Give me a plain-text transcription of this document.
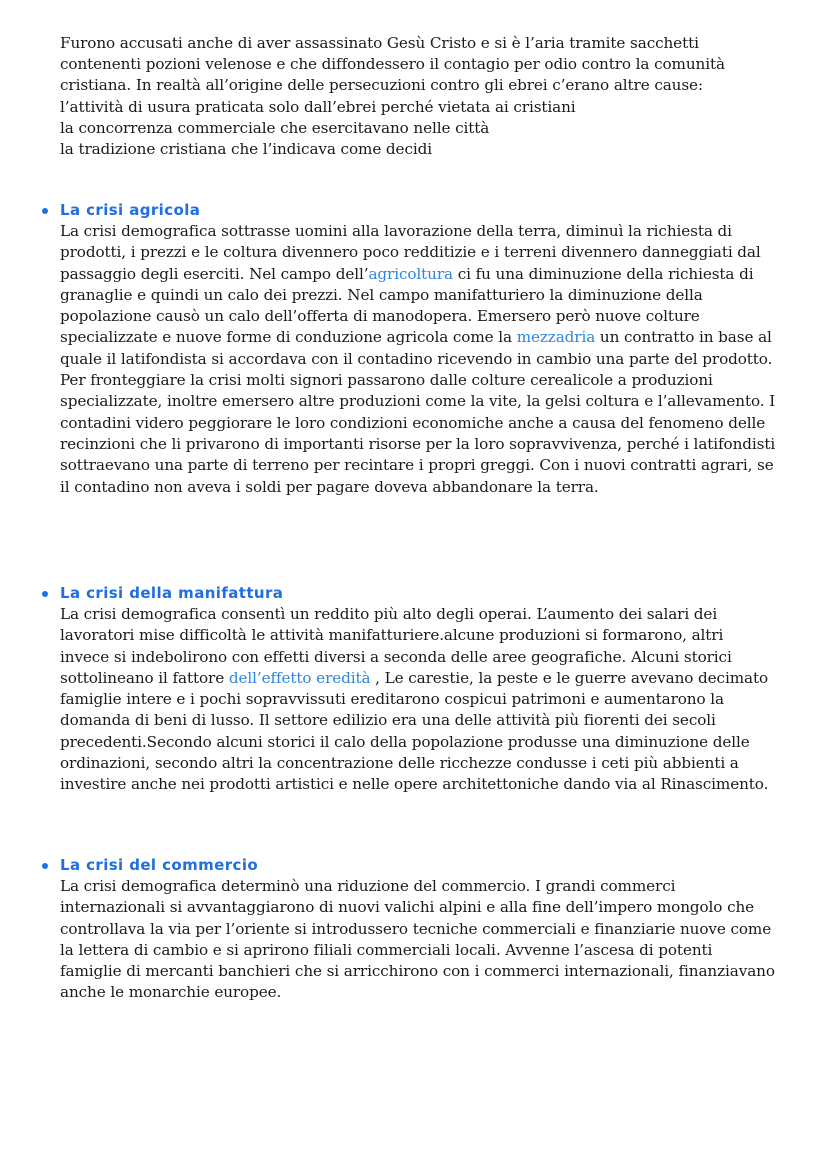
Furono accusati anche di aver assassinato Gesù Cristo e si è l’aria tramite sacchetti contenenti pozioni velenose e che diffondessero il contagio per odio contro la comunità cristiana. In realtà all’origine delle persecuzioni contro gli ebrei c’erano altre cause:

l’attività di usura praticata solo dall’ebrei perché vietata ai cristiani

la concorrenza commerciale che esercitavano nelle città

la tradizione cristiana che l’indicava come decidi

La crisi agricola

La crisi demografica sottrasse uomini alla lavorazione della terra, diminuì la richiesta di prodotti, i prezzi e le coltura divennero poco redditizie e i terreni divennero danneggiati dal passaggio degli eserciti. Nel campo dell’agricoltura ci fu una diminuzione della richiesta di granaglie e quindi un calo dei prezzi. Nel campo manifatturiero la diminuzione della popolazione causò un calo dell’offerta di manodopera. Emersero però nuove colture specializzate e nuove forme di conduzione agricola come la mezzadria un contratto in base al quale il latifondista si accordava con il contadino ricevendo in cambio una parte del prodotto. Per fronteggiare la crisi molti signori passarono dalle colture cerealicole a produzioni specializzate, inoltre emersero altre produzioni come la vite, la gelsi coltura e l’allevamento. I contadini videro peggiorare le loro condizioni economiche anche a causa del fenomeno delle recinzioni che li privarono di importanti risorse per la loro sopravvivenza, perché i latifondisti sottraevano una parte di terreno per recintare i propri greggi. Con i nuovi contratti agrari, se il contadino non aveva i soldi per pagare doveva abbandonare la terra.

La crisi della manifattura

La crisi demografica consentì un reddito più alto degli operai. L’aumento dei salari dei lavoratori mise difficoltà le attività manifatturiere.alcune produzioni si formarono, altri invece si indebolirono con effetti diversi a seconda delle aree geografiche. Alcuni storici sottolineano il fattore dell’effetto eredità , Le carestie, la peste e le guerre avevano decimato famiglie intere e i pochi sopravvissuti ereditarono cospicui patrimoni e aumentarono la domanda di beni di lusso. Il settore edilizio era una delle attività più fiorenti dei secoli precedenti.Secondo alcuni storici il calo della popolazione produsse una diminuzione delle ordinazioni, secondo altri la concentrazione delle ricchezze condusse i ceti più abbienti a investire anche nei prodotti artistici e nelle opere architettoniche dando via al Rinascimento.

La crisi del commercio

La crisi demografica determinò una riduzione del commercio. I grandi commerci internazionali si avvantaggiarono di nuovi valichi alpini e alla fine dell’impero mongolo che controllava la via per l’oriente si introdussero tecniche commerciali e finanziarie nuove come la lettera di cambio e si aprirono filiali commerciali locali. Avvenne l’ascesa di potenti famiglie di mercanti banchieri che si arricchirono con i commerci internazionali, finanziavano anche le monarchie europee.
